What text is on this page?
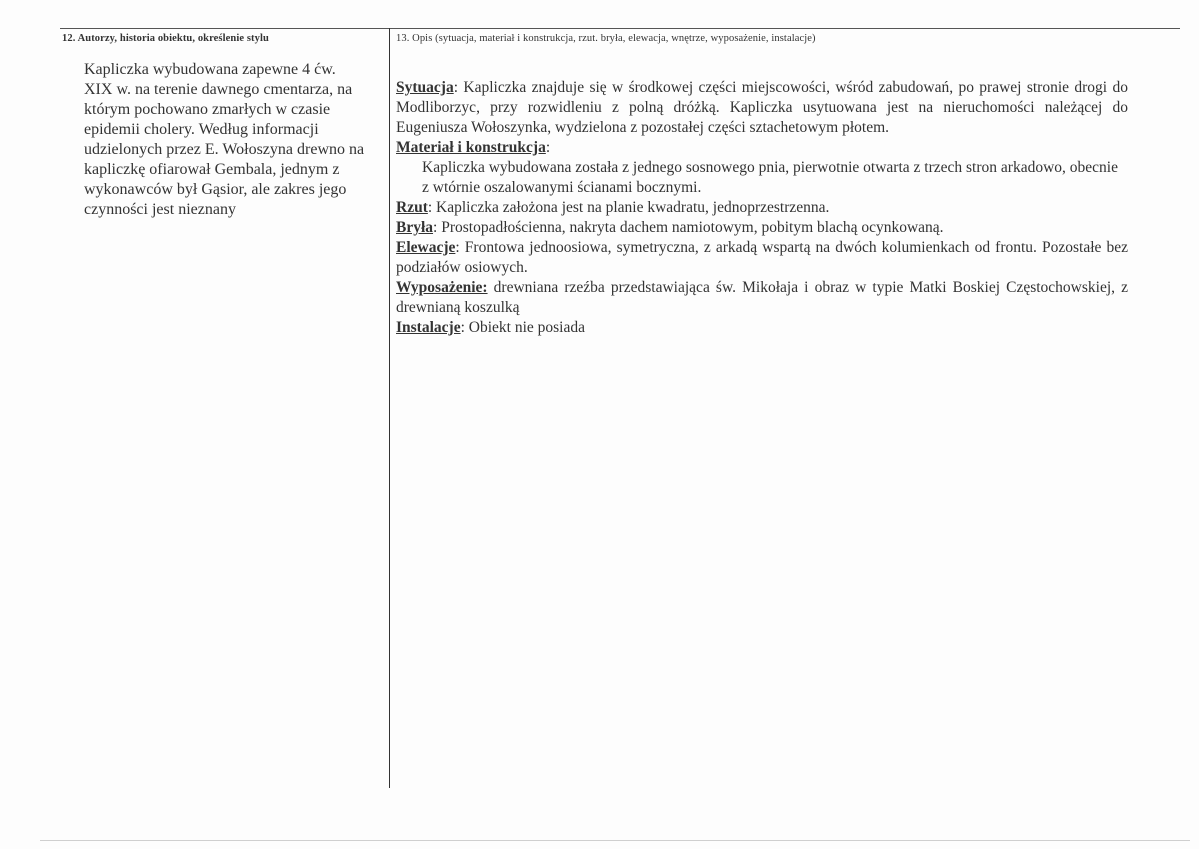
12. Autorzy, historia obiektu, określenie stylu
Kapliczka wybudowana zapewne 4 ćw.
XIX w. na terenie dawnego cmentarza, na
którym pochowano zmarłych w czasie
epidemii cholery. Według informacji
udzielonych przez E. Wołoszyna drewno na
kapliczkę ofiarował Gembala, jednym z
wykonawców był Gąsior, ale zakres jego
czynności jest nieznany
13. Opis (sytuacja, materiał i konstrukcja, rzut. bryła, elewacja, wnętrze, wyposażenie, instalacje)
Sytuacja: Kapliczka znajduje się w środkowej części miejscowości, wśród zabudowań, po prawej stronie drogi do Modliborzyc, przy rozwidleniu z polną dróżką. Kapliczka usytuowana jest na nieruchomości należącej do Eugeniusza Wołoszynka, wydzielona z pozostałej części sztachetowym płotem.
Materiał i konstrukcja:
Kapliczka wybudowana została z jednego sosnowego pnia, pierwotnie otwarta z trzech stron arkadowo, obecnie z wtórnie oszalowanymi ścianami bocznymi.
Rzut: Kapliczka założona jest na planie kwadratu, jednoprzestrzenna.
Bryła: Prostopadłościenna, nakryta dachem namiotowym, pobitym blachą ocynkowaną.
Elewacje: Frontowa jednoosiowa, symetryczna, z arkadą wspartą na dwóch kolumienkach od frontu. Pozostałe bez podziałów osiowych.
Wyposażenie: drewniana rzeźba przedstawiająca św. Mikołaja i obraz w typie Matki Boskiej Częstochowskiej, z drewnianą koszulką
Instalacje: Obiekt nie posiada
